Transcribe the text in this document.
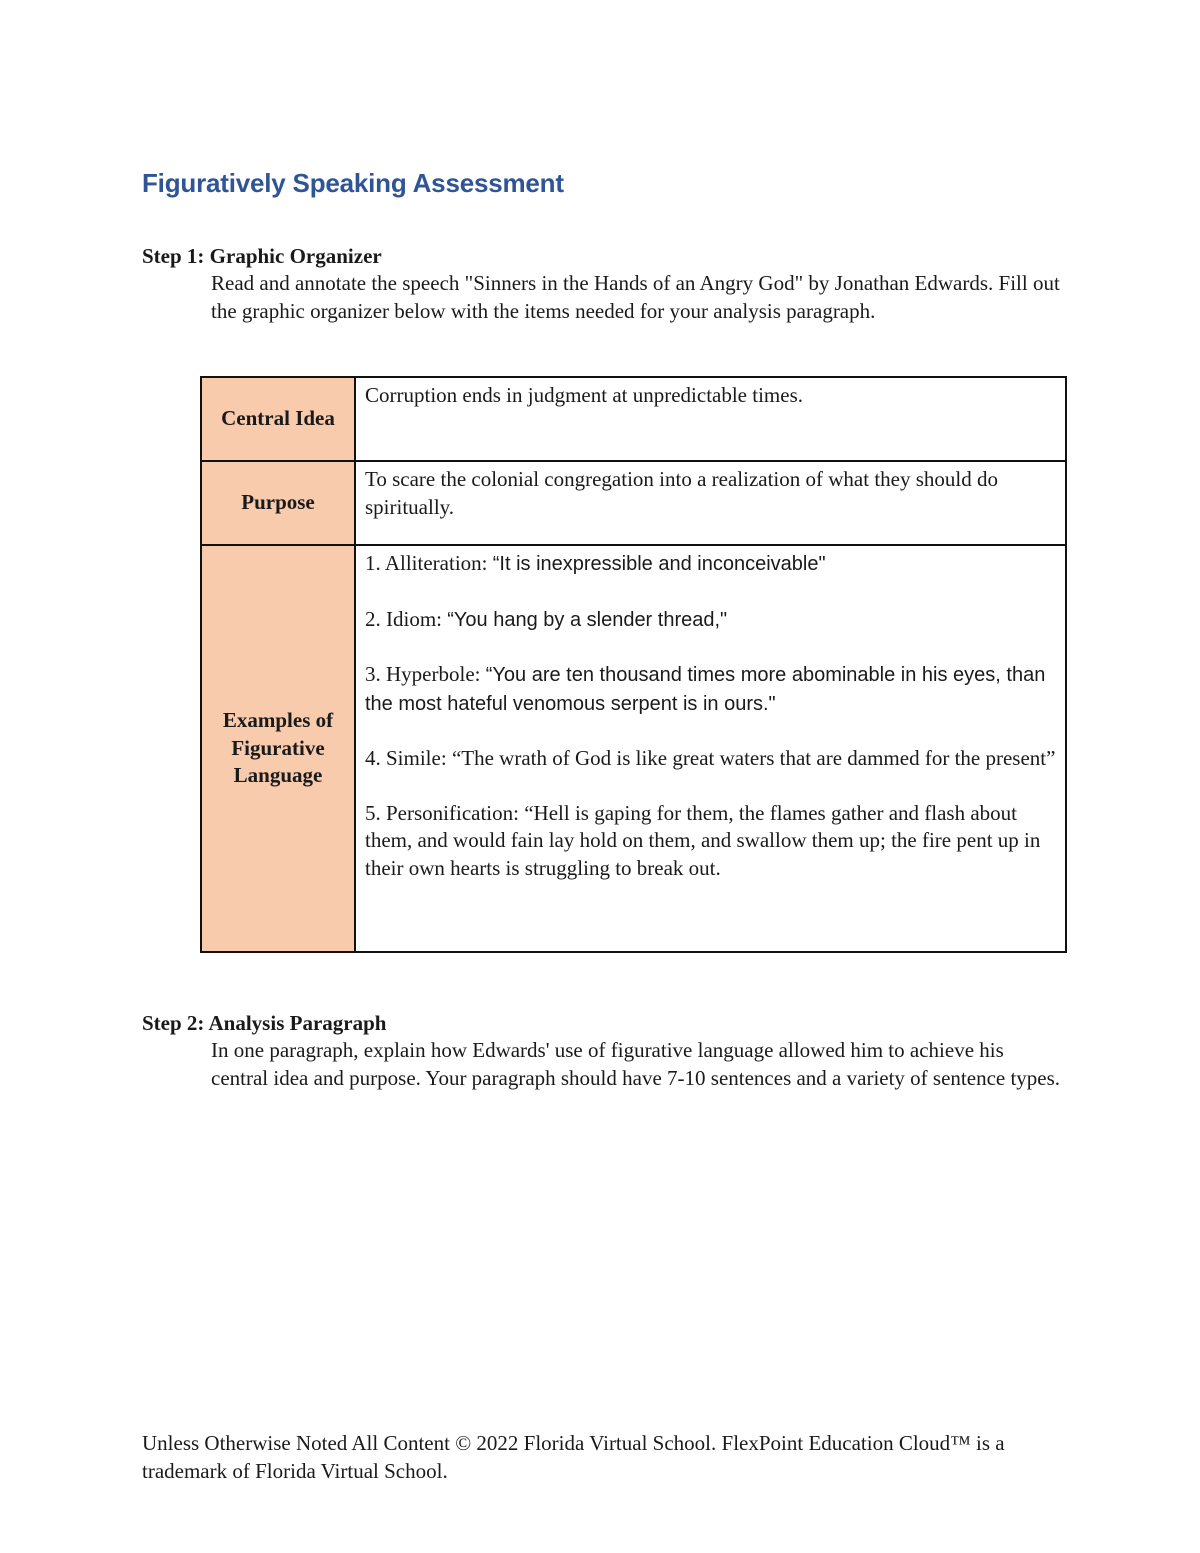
Figuratively Speaking Assessment
Step 1: Graphic Organizer
Read and annotate the speech "Sinners in the Hands of an Angry God" by Jonathan Edwards. Fill out the graphic organizer below with the items needed for your analysis paragraph.
Central Idea	Corruption ends in judgment at unpredictable times.
Purpose	To scare the colonial congregation into a realization of what they should do spiritually.
Examples of Figurative Language	1. Alliteration: “It is inexpressible and inconceivable"
2. Idiom: “You hang by a slender thread,"
3. Hyperbole: “You are ten thousand times more abominable in his eyes, than the most hateful venomous serpent is in ours."
4. Simile: “The wrath of God is like great waters that are dammed for the present”
5. Personification: “Hell is gaping for them, the flames gather and flash about them, and would fain lay hold on them, and swallow them up; the fire pent up in their own hearts is struggling to break out.
Step 2: Analysis Paragraph
In one paragraph, explain how Edwards' use of figurative language allowed him to achieve his central idea and purpose. Your paragraph should have 7-10 sentences and a variety of sentence types.
Unless Otherwise Noted All Content © 2022 Florida Virtual School. FlexPoint Education Cloud™ is a trademark of Florida Virtual School.
